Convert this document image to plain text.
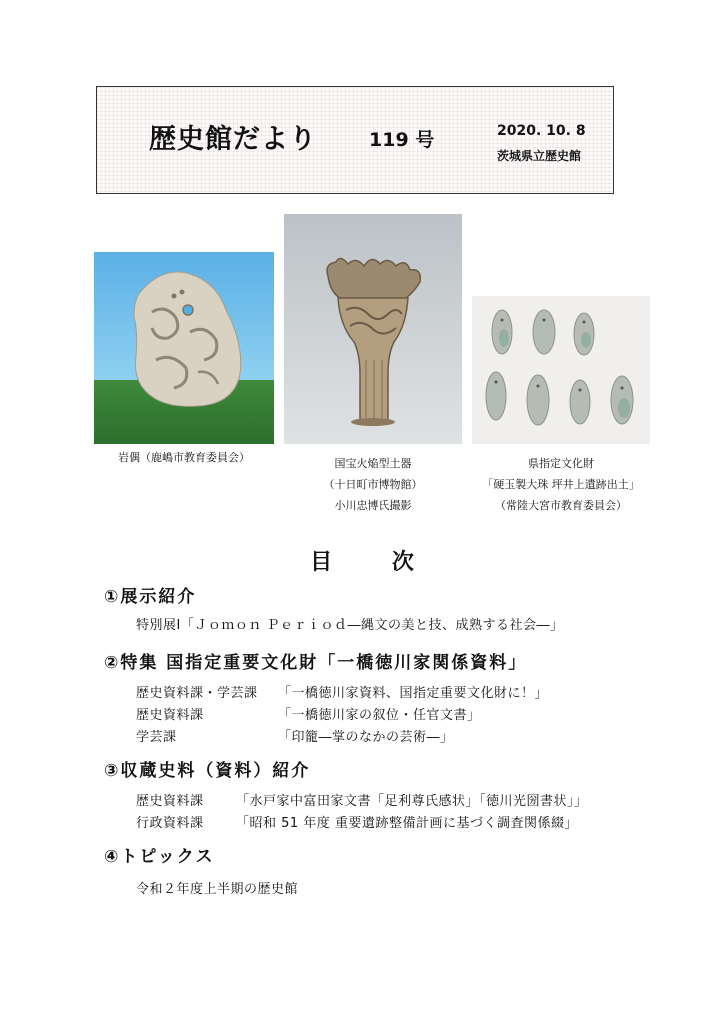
歴史館だより	119 号	2020. 10. 8
茨城県立歴史館
岩偶（鹿嶋市教育委員会）	国宝火焔型土器
（十日町市博物館）
小川忠博氏撮影
県指定文化財
「硬玉製大珠 坪井上遺跡出土」
（常陸大宮市教育委員会）
目 次
①展示紹介
特別展Ⅰ「Ｊｏｍｏｎ Ｐｅｒｉｏｄ―縄文の美と技、成熟する社会―」
②特集 国指定重要文化財「一橋徳川家関係資料」
歴史資料課・学芸課 「一橋徳川家資料、国指定重要文化財に！」
歴史資料課	「一橋徳川家の叙位・任官文書」
学芸課	「印籠―掌のなかの芸術―」
③収蔵史料（資料）紹介
歴史資料課 「水戸家中富田家文書「足利尊氏感状」「徳川光圀書状」」
行政資料課 「昭和 51 年度 重要遺跡整備計画に基づく調査関係綴」
④トピックス
令和２年度上半期の歴史館
